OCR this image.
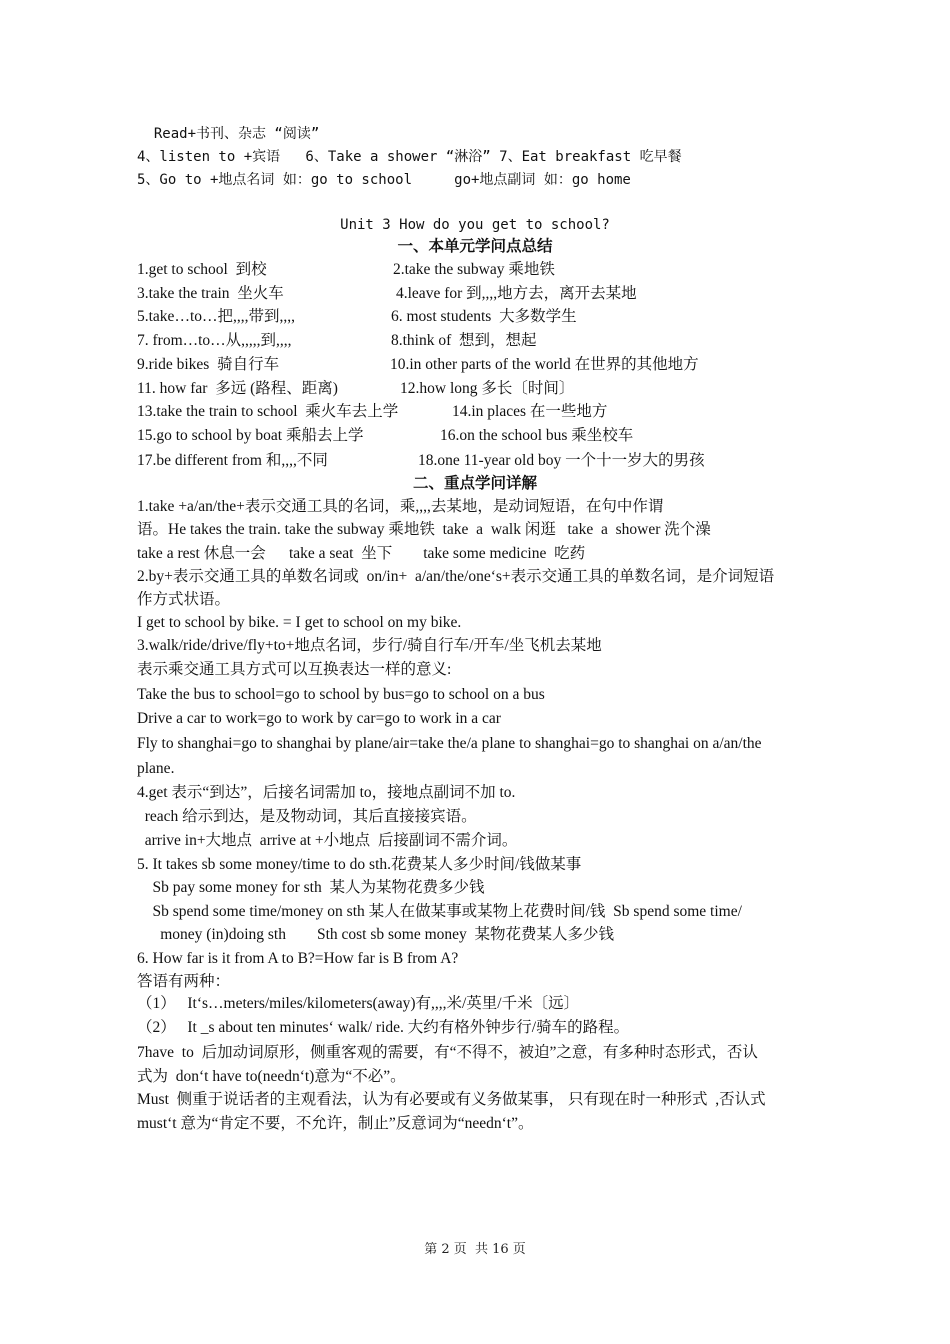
Read+书刊、杂志 “阅读”
4、listen to +宾语   6、Take a shower “淋浴” 7、Eat breakfast 吃早餐
5、Go to +地点名词 如：go to school     go+地点副词 如：go home
Unit 3 How do you get to school?
一、本单元学问点总结
1.get to school  到校	2.take the subway 乘地铁
3.take the train  坐火车	4.leave for 到,,,,地方去，离开去某地
5.take…to…把,,,,带到,,,,	6. most students  大多数学生
7. from…to…从,,,,,到,,,,	8.think of  想到，想起
9.ride bikes  骑自行车	10.in other parts of the world 在世界的其他地方
11. how far  多远 (路程、距离)	12.how long 多长〔时间〕
13.take the train to school  乘火车去上学	14.in places 在一些地方
15.go to school by boat 乘船去上学	16.on the school bus 乘坐校车
17.be different from 和,,,,不同	18.one 11-year old boy 一个十一岁大的男孩
二、重点学问详解
1.take +a/an/the+表示交通工具的名词，乘,,,,去某地，是动词短语，在句中作谓
语。He takes the train. take the subway 乘地铁  take  a  walk 闲逛   take  a  shower 洗个澡
take a rest 休息一会      take a seat  坐下        take some medicine  吃药
2.by+表示交通工具的单数名词或  on/in+  a/an/the/one‘s+表示交通工具的单数名词，是介词短语
作方式状语。
I get to school by bike. = I get to school on my bike.
3.walk/ride/drive/fly+to+地点名词，步行/骑自行车/开车/坐飞机去某地
表示乘交通工具方式可以互换表达一样的意义:
Take the bus to school=go to school by bus=go to school on a bus
Drive a car to work=go to work by car=go to work in a car
Fly to shanghai=go to shanghai by plane/air=take the/a plane to shanghai=go to shanghai on a/an/the
plane.
4.get 表示“到达”，后接名词需加 to，接地点副词不加 to.
reach 给示到达，是及物动词，其后直接接宾语。
arrive in+大地点  arrive at +小地点  后接副词不需介词。
5. It takes sb some money/time to do sth.花费某人多少时间/钱做某事
Sb pay some money for sth  某人为某物花费多少钱
Sb spend some time/money on sth 某人在做某事或某物上花费时间/钱  Sb spend some time/
money (in)doing sth        Sth cost sb some money  某物花费某人多少钱
6. How far is it from A to B?=How far is B from A?
答语有两种：
（1）   It‘s…meters/miles/kilometers(away)有,,,,米/英里/千米〔远〕
（2）   It _s about ten minutes‘ walk/ ride. 大约有格外钟步行/骑车的路程。
7have  to  后加动词原形，侧重客观的需要，有“不得不，被迫”之意，有多种时态形式，否认
式为  don‘t have to(needn‘t)意为“不必”。
Must  侧重于说话者的主观看法，认为有必要或有义务做某事， 只有现在时一种形式  ,否认式
must‘t 意为“肯定不要，不允许，制止”反意词为“needn‘t”。
第 2 页  共 16 页
